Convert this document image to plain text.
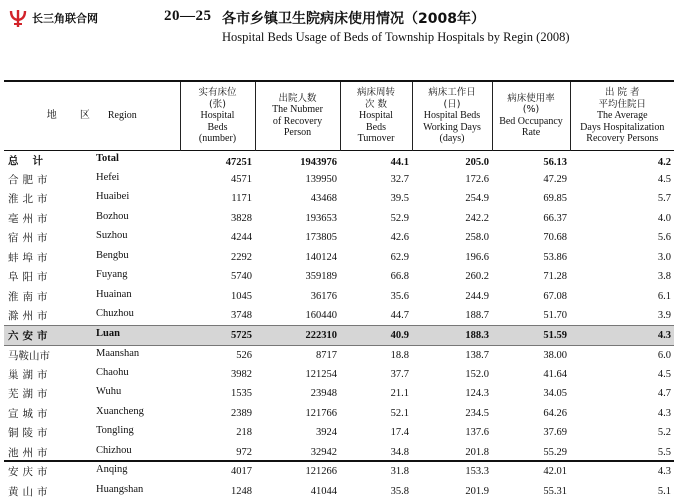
长三角联合网	20—25 各市乡镇卫生院病床使用情况（2008年）
Hospital Beds Usage of Beds of Township Hospitals by Regin (2008)
地 区 Region	实有床位
(张)
Hospital
Beds
(number)	出院人数
The Nubmer
of Recovery
Person	病床周转
次 数
Hospital
Beds
Turnover	病床工作日
(日)
Hospital Beds
Working Days
(days)	病床使用率
(%)
Bed Occupancy
Rate	出 院 者
平均住院日
The Average
Days Hospitalization
Recovery Persons

总计 Total	47251	1943976	44.1	205.0	56.13	4.2

合肥市 Hefei	4571	139950	32.7	172.6	47.29	4.5

淮北市 Huaibei	1171	43468	39.5	254.9	69.85	5.7

亳州市 Bozhou	3828	193653	52.9	242.2	66.37	4.0

宿州市 Suzhou	4244	173805	42.6	258.0	70.68	5.6

蚌埠市 Bengbu	2292	140124	62.9	196.6	53.86	3.0

阜阳市 Fuyang	5740	359189	66.8	260.2	71.28	3.8

淮南市 Huainan	1045	36176	35.6	244.9	67.08	6.1

滁州市 Chuzhou	3748	160440	44.7	188.7	51.70	3.9

六安市 Luan	5725	222310	40.9	188.3	51.59	4.3

马鞍山市 Maanshan	526	8717	18.8	138.7	38.00	6.0

巢湖市 Chaohu	3982	121254	37.7	152.0	41.64	4.5

芜湖市 Wuhu	1535	23948	21.1	124.3	34.05	4.7

宣城市 Xuancheng	2389	121766	52.1	234.5	64.26	4.3

铜陵市 Tongling	218	3924	17.4	137.6	37.69	5.2

池州市 Chizhou	972	32942	34.8	201.8	55.29	5.5

安庆市 Anqing	4017	121266	31.8	153.3	42.01	4.3

黄山市 Huangshan	1248	41044	35.8	201.9	55.31	5.1
